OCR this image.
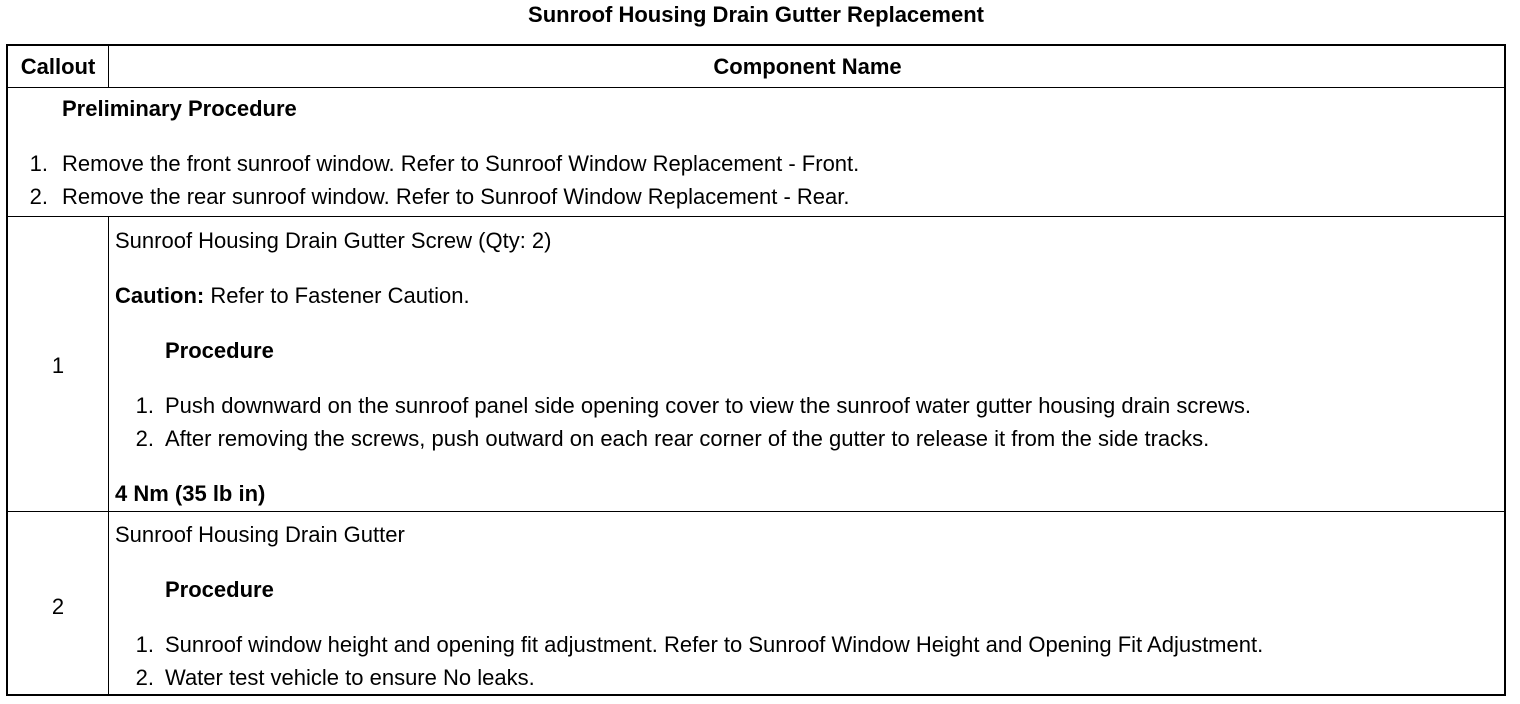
Sunroof Housing Drain Gutter Replacement
Callout	Component Name
Preliminary Procedure
1. Remove the front sunroof window. Refer to Sunroof Window Replacement - Front.
2. Remove the rear sunroof window. Refer to Sunroof Window Replacement - Rear.
1
Sunroof Housing Drain Gutter Screw (Qty: 2)
Caution: Refer to Fastener Caution.
Procedure
1. Push downward on the sunroof panel side opening cover to view the sunroof water gutter housing drain screws.
2. After removing the screws, push outward on each rear corner of the gutter to release it from the side tracks.
4 Nm (35 lb in)
2
Sunroof Housing Drain Gutter
Procedure
1. Sunroof window height and opening fit adjustment. Refer to Sunroof Window Height and Opening Fit Adjustment.
2. Water test vehicle to ensure No leaks.
